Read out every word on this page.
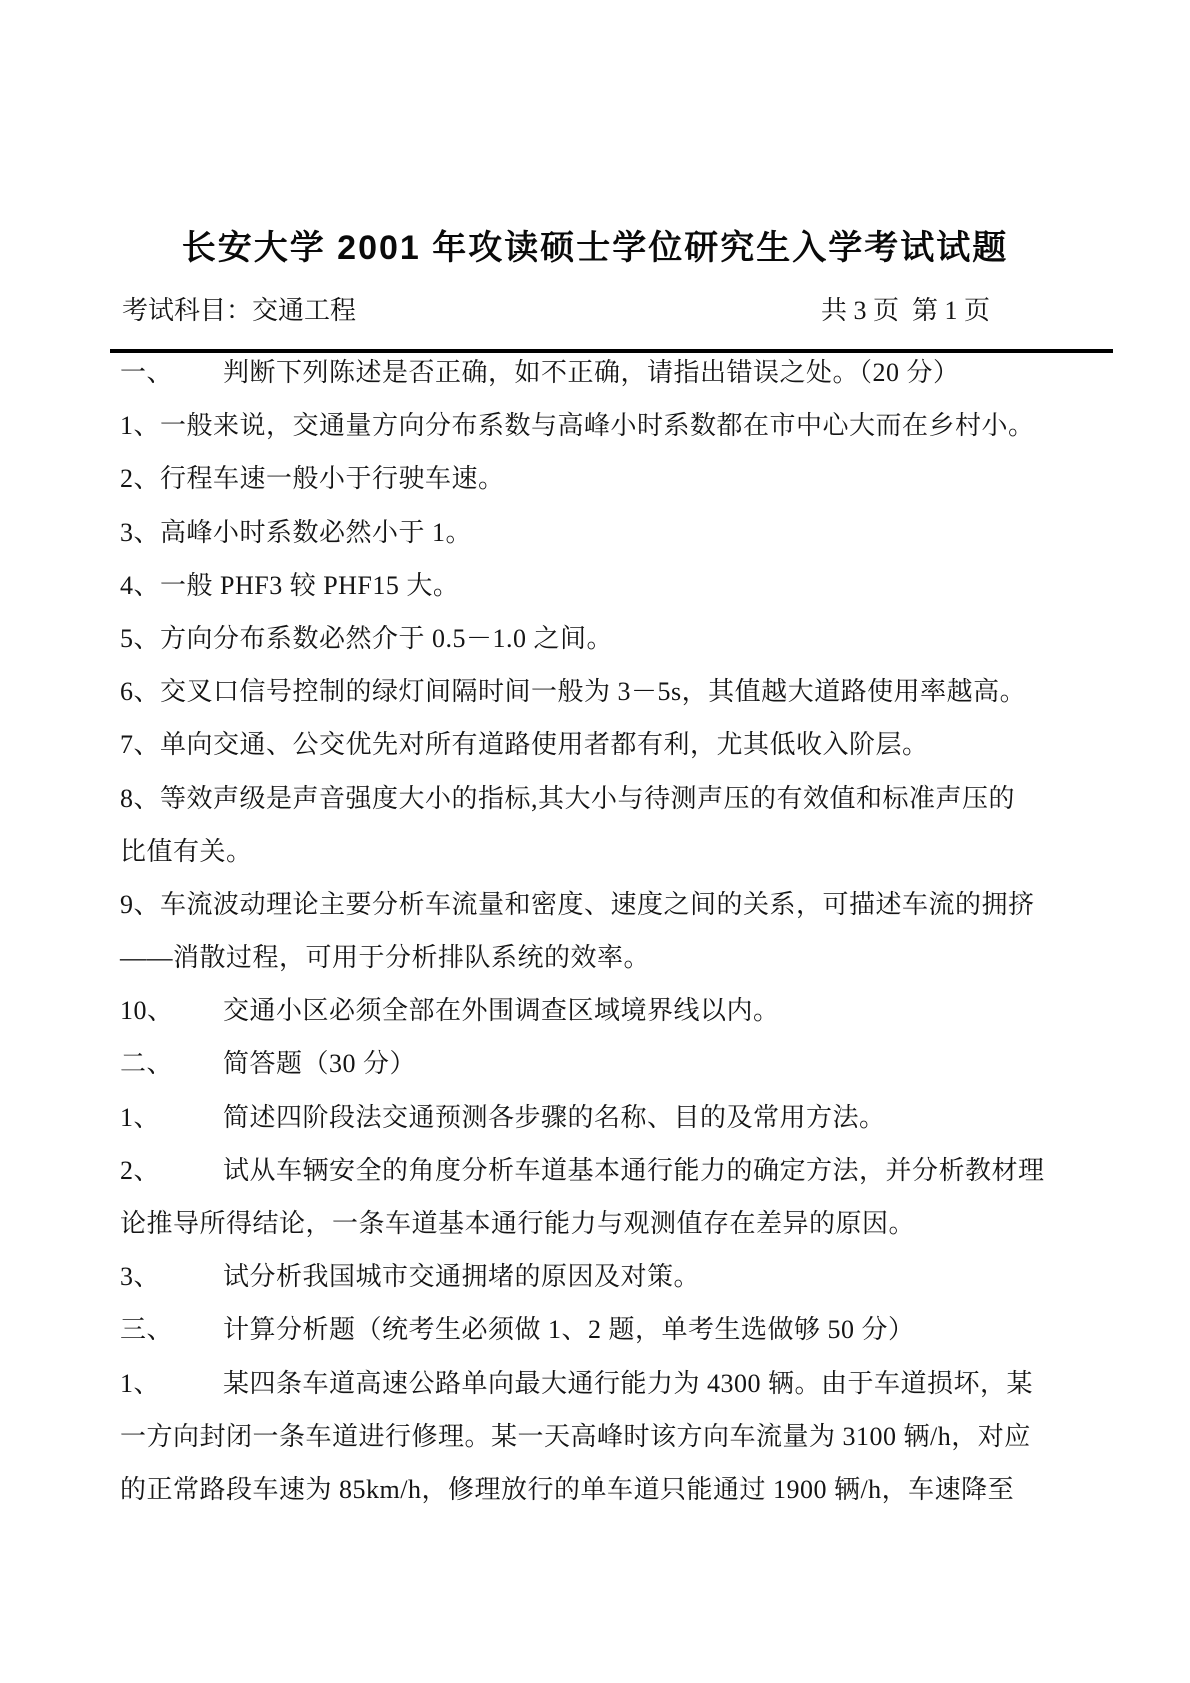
长安大学 2001 年攻读硕士学位研究生入学考试试题
考试科目：交通工程	共 3 页  第 1 页
一、 判断下列陈述是否正确，如不正确，请指出错误之处。（20 分）
1、一般来说，交通量方向分布系数与高峰小时系数都在市中心大而在乡村小。
2、行程车速一般小于行驶车速。
3、高峰小时系数必然小于 1。
4、一般 PHF3 较 PHF15 大。
5、方向分布系数必然介于 0.5－1.0 之间。
6、交叉口信号控制的绿灯间隔时间一般为 3－5s，其值越大道路使用率越高。
7、单向交通、公交优先对所有道路使用者都有利，尤其低收入阶层。
8、等效声级是声音强度大小的指标,其大小与待测声压的有效值和标准声压的
比值有关。
9、车流波动理论主要分析车流量和密度、速度之间的关系，可描述车流的拥挤
——消散过程，可用于分析排队系统的效率。
10、 交通小区必须全部在外围调查区域境界线以内。
二、 简答题（30 分）
1、 简述四阶段法交通预测各步骤的名称、目的及常用方法。
2、 试从车辆安全的角度分析车道基本通行能力的确定方法，并分析教材理
论推导所得结论，一条车道基本通行能力与观测值存在差异的原因。
3、 试分析我国城市交通拥堵的原因及对策。
三、 计算分析题（统考生必须做 1、2 题，单考生选做够 50 分）
1、 某四条车道高速公路单向最大通行能力为 4300 辆。由于车道损坏，某
一方向封闭一条车道进行修理。某一天高峰时该方向车流量为 3100 辆/h，对应
的正常路段车速为 85km/h，修理放行的单车道只能通过 1900 辆/h，车速降至
